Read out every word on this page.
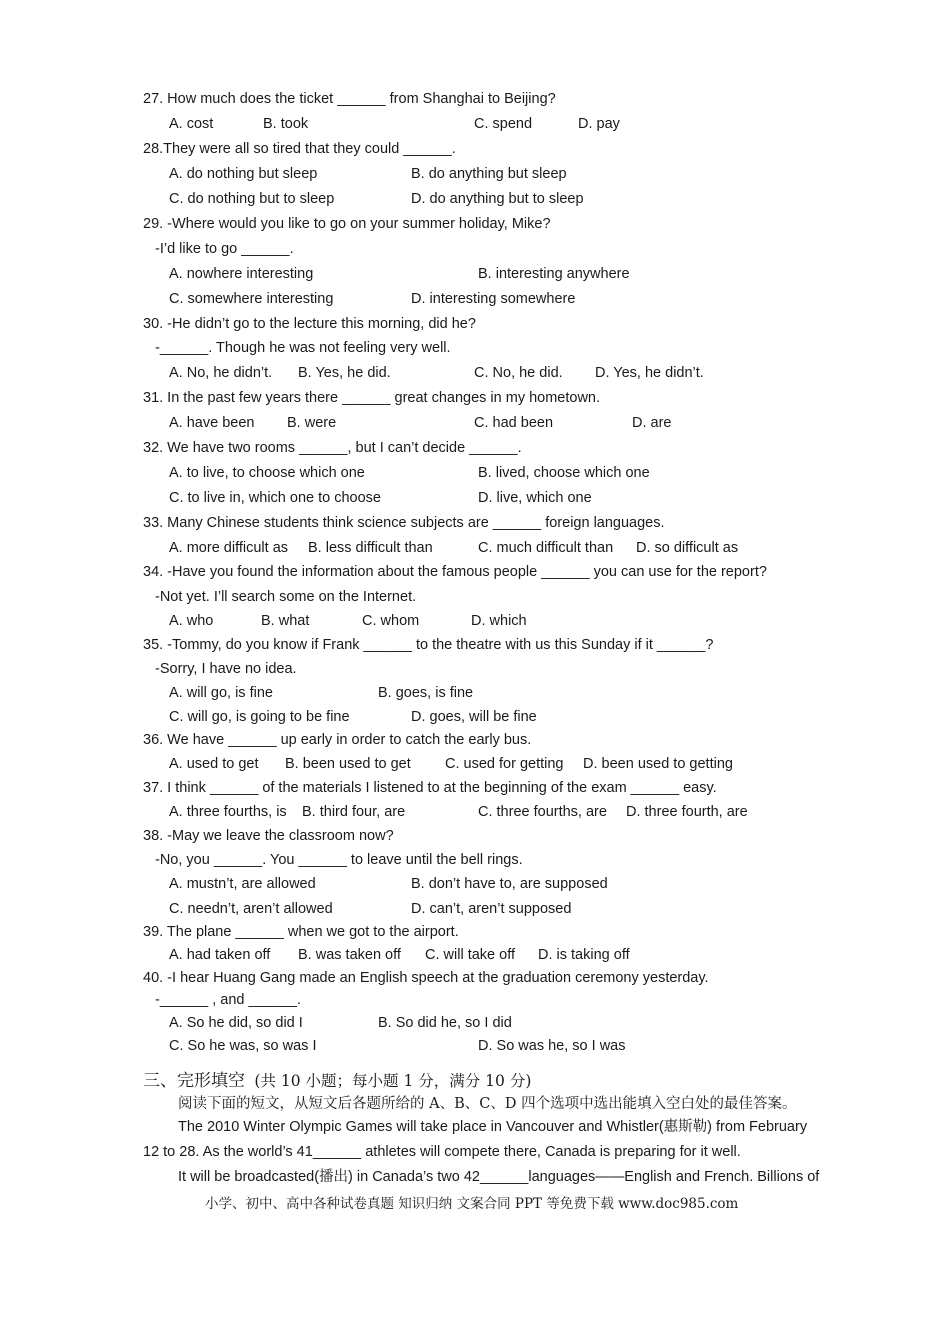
27. How much does the ticket ______ from Shanghai to Beijing?
A. cost	B. took	C. spend	D. pay
28.They were all so tired that they could ______.
A. do nothing but sleep	B. do anything but sleep
C. do nothing but to sleep	D. do anything but to sleep
29. -Where would you like to go on your summer holiday, Mike?
-I’d like to go ______.
A. nowhere interesting	B. interesting anywhere
C. somewhere interesting	D. interesting somewhere
30. -He didn’t go to the lecture this morning, did he?
-______. Though he was not feeling very well.
A. No, he didn’t. B. Yes, he did.	C. No, he did. D. Yes, he didn’t.
31. In the past few years there ______ great changes in my hometown.
A. have been B. were	C. had been	D. are
32. We have two rooms ______, but I can’t decide ______.
A. to live, to choose which one	B. lived, choose which one
C. to live in, which one to choose	D. live, which one
33. Many Chinese students think science subjects are ______ foreign languages.
A. more difficult as B. less difficult than	C. much difficult than D. so difficult as
34. -Have you found the information about the famous people ______ you can use for the report?
-Not yet. I’ll search some on the Internet.
A. who	B. what	C. whom	D. which
35. -Tommy, do you know if Frank ______ to the theatre with us this Sunday if it ______?
-Sorry, I have no idea.
A. will go, is fine	B. goes, is fine
C. will go, is going to be fine	D. goes, will be fine
36. We have ______ up early in order to catch the early bus.
A. used to get B. been used to get C. used for getting D. been used to getting
37. I think ______ of the materials I listened to at the beginning of the exam ______ easy.
A. three fourths, is B. third four, are	C. three fourths, are D. three fourth, are
38. -May we leave the classroom now?
-No, you ______. You ______ to leave until the bell rings.
A. mustn’t, are allowed	B. don’t have to, are supposed
C. needn’t, aren’t allowed	D. can’t, aren’t supposed
39. The plane ______ when we got to the airport.
A. had taken off B. was taken off C. will take off D. is taking off
40. -I hear Huang Gang made an English speech at the graduation ceremony yesterday.
-______ , and ______.
A. So he did, so did I	B. So did he, so I did
C. So he was, so was I	D. So was he, so I was
三、完形填空 (共 10 小题；每小题 1 分，满分 10 分)
阅读下面的短文，从短文后各题所给的 A、B、C、D 四个选项中选出能填入空白处的最佳答案。
The 2010 Winter Olympic Games will take place in Vancouver and Whistler(惠斯勒) from February
12 to 28. As the world’s 41______ athletes will compete there, Canada is preparing for it well.
It will be broadcasted(播出) in Canada’s two 42______languages——English and French. Billions of
小学、初中、高中各种试卷真题 知识归纳 文案合同 PPT 等免费下载 www.doc985.com
